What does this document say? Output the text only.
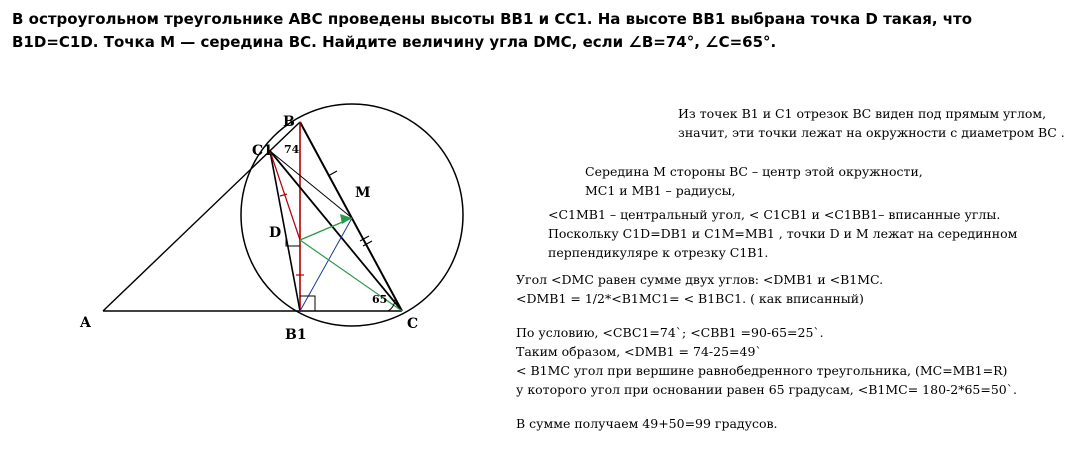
В остроугольном треугольнике АВС проведены высоты ВВ1 и СС1. На высоте ВВ1 выбрана точка D такая, что В1D=C1D. Точка М — середина ВС. Найдите величину угла DMC, если ∠B=74°, ∠C=65°.

A
B
C
B1
C1
D
M
74
65
Из точек В1 и С1 отрезок ВС виден под прямым углом,
значит, эти точки лежат на окружности с диаметром ВС .
Середина М стороны ВС – центр этой окружности,
МС1 и МВ1 – радиусы,
<C1MB1 – центральный угол, < C1CB1 и <C1BB1– вписанные углы.
Поскольку С1D=DB1 и С1M=MB1 , точки D и M лежат на серединном
перпендикуляре к отрезку С1В1.
Угол <DMC равен сумме двух углов: <DMB1 и <B1MC.
<DMB1 = 1/2*<B1MC1= < B1BC1. ( как вписанный)
По условию, <CBC1=74`; <CBB1 =90-65=25`.
Таким образом, <DMB1 = 74-25=49`
< B1MC угол при вершине равнобедренного треугольника, (MC=MB1=R)
у которого угол при основании равен 65 градусам, <B1MC= 180-2*65=50`.
В сумме получаем 49+50=99 градусов.
